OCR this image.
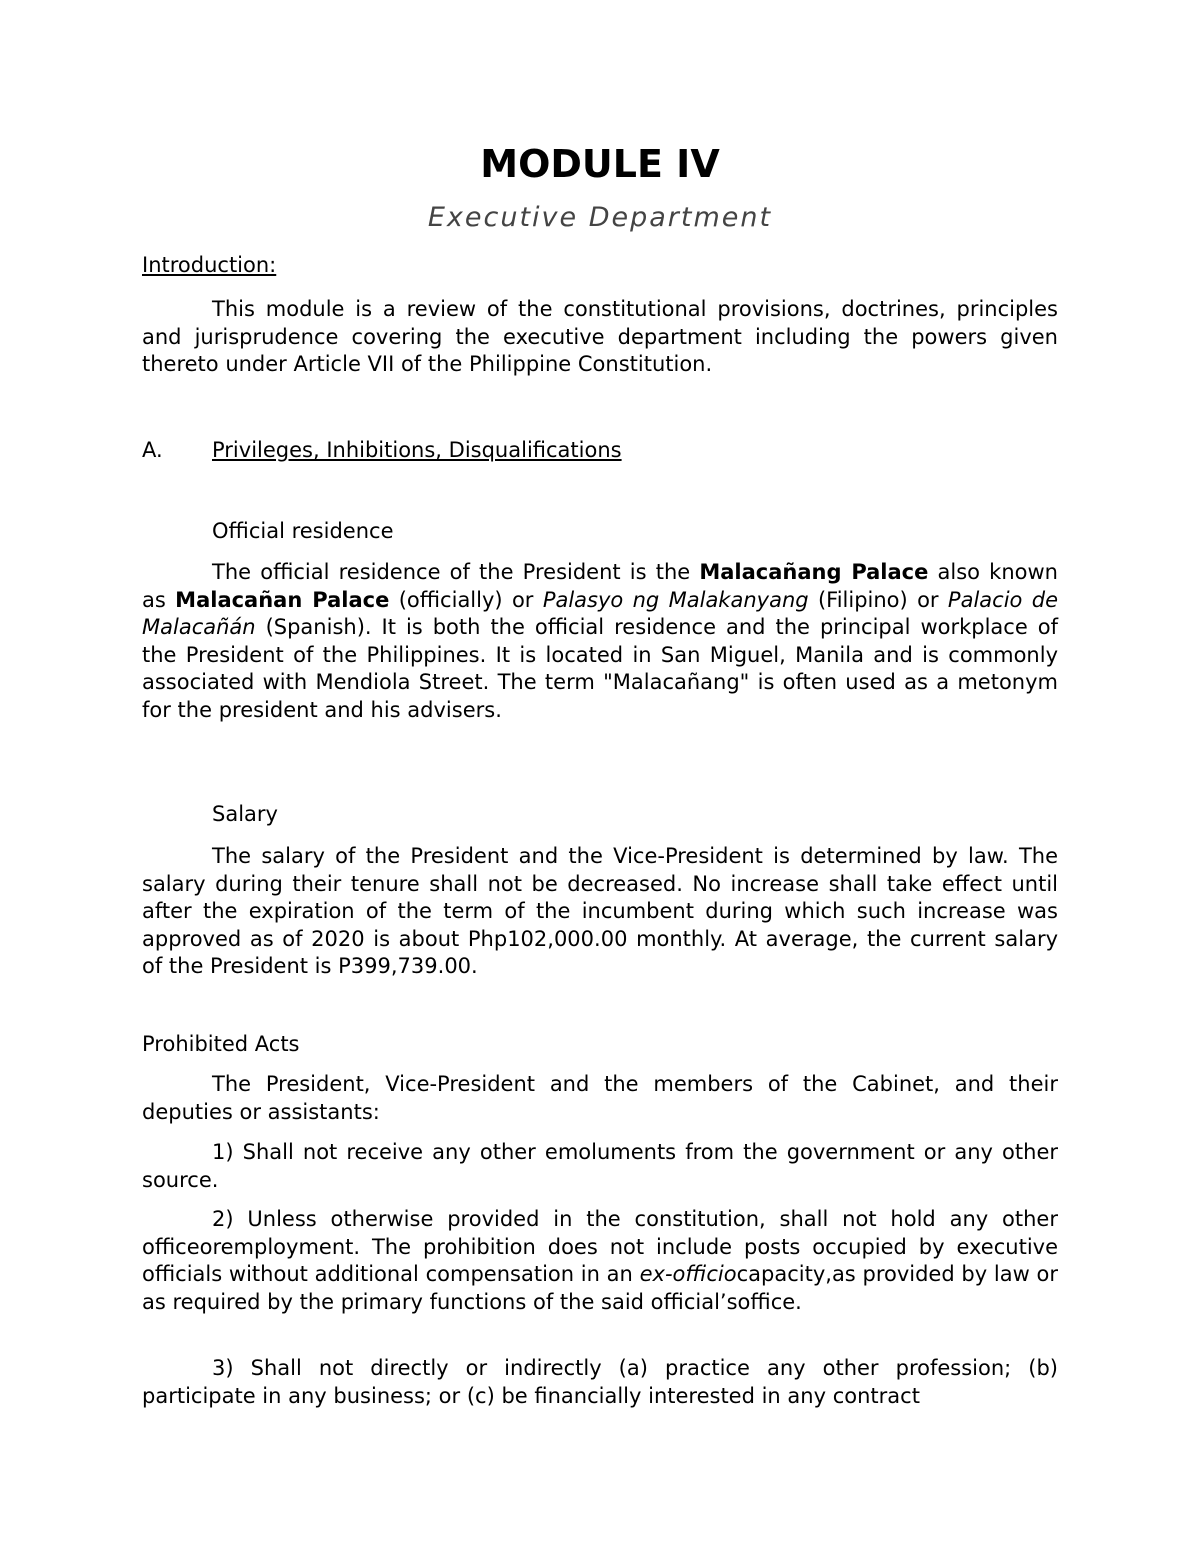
MODULE IV
Executive Department
Introduction:
This module is a review of the constitutional provisions, doctrines, principles and jurisprudence covering the executive department including the powers given thereto under Article VII of the Philippine Constitution.
A. Privileges, Inhibitions, Disqualifications
Official residence
The official residence of the President is the Malacañang Palace also known as Malacañan Palace (officially) or Palasyo ng Malakanyang (Filipino) or Palacio de Malacañán (Spanish). It is both the official residence and the principal workplace of the President of the Philippines. It is located in San Miguel, Manila and is commonly associated with Mendiola Street. The term "Malacañang" is often used as a metonym for the president and his advisers.
Salary
The salary of the President and the Vice-President is determined by law. The salary during their tenure shall not be decreased. No increase shall take effect until after the expiration of the term of the incumbent during which such increase was approved as of 2020 is about Php102,000.00 monthly. At average, the current salary of the President is P399,739.00.
Prohibited Acts
The President, Vice-President and the members of the Cabinet, and their deputies or assistants:
1) Shall not receive any other emoluments from the government or any other source.
2) Unless otherwise provided in the constitution, shall not hold any other officeoremployment. The prohibition does not include posts occupied by executive officials without additional compensation in an ex-officiocapacity,as provided by law or as required by the primary functions of the said official’soffice.
3) Shall not directly or indirectly (a) practice any other profession; (b) participate in any business; or (c) be financially interested in any contract
